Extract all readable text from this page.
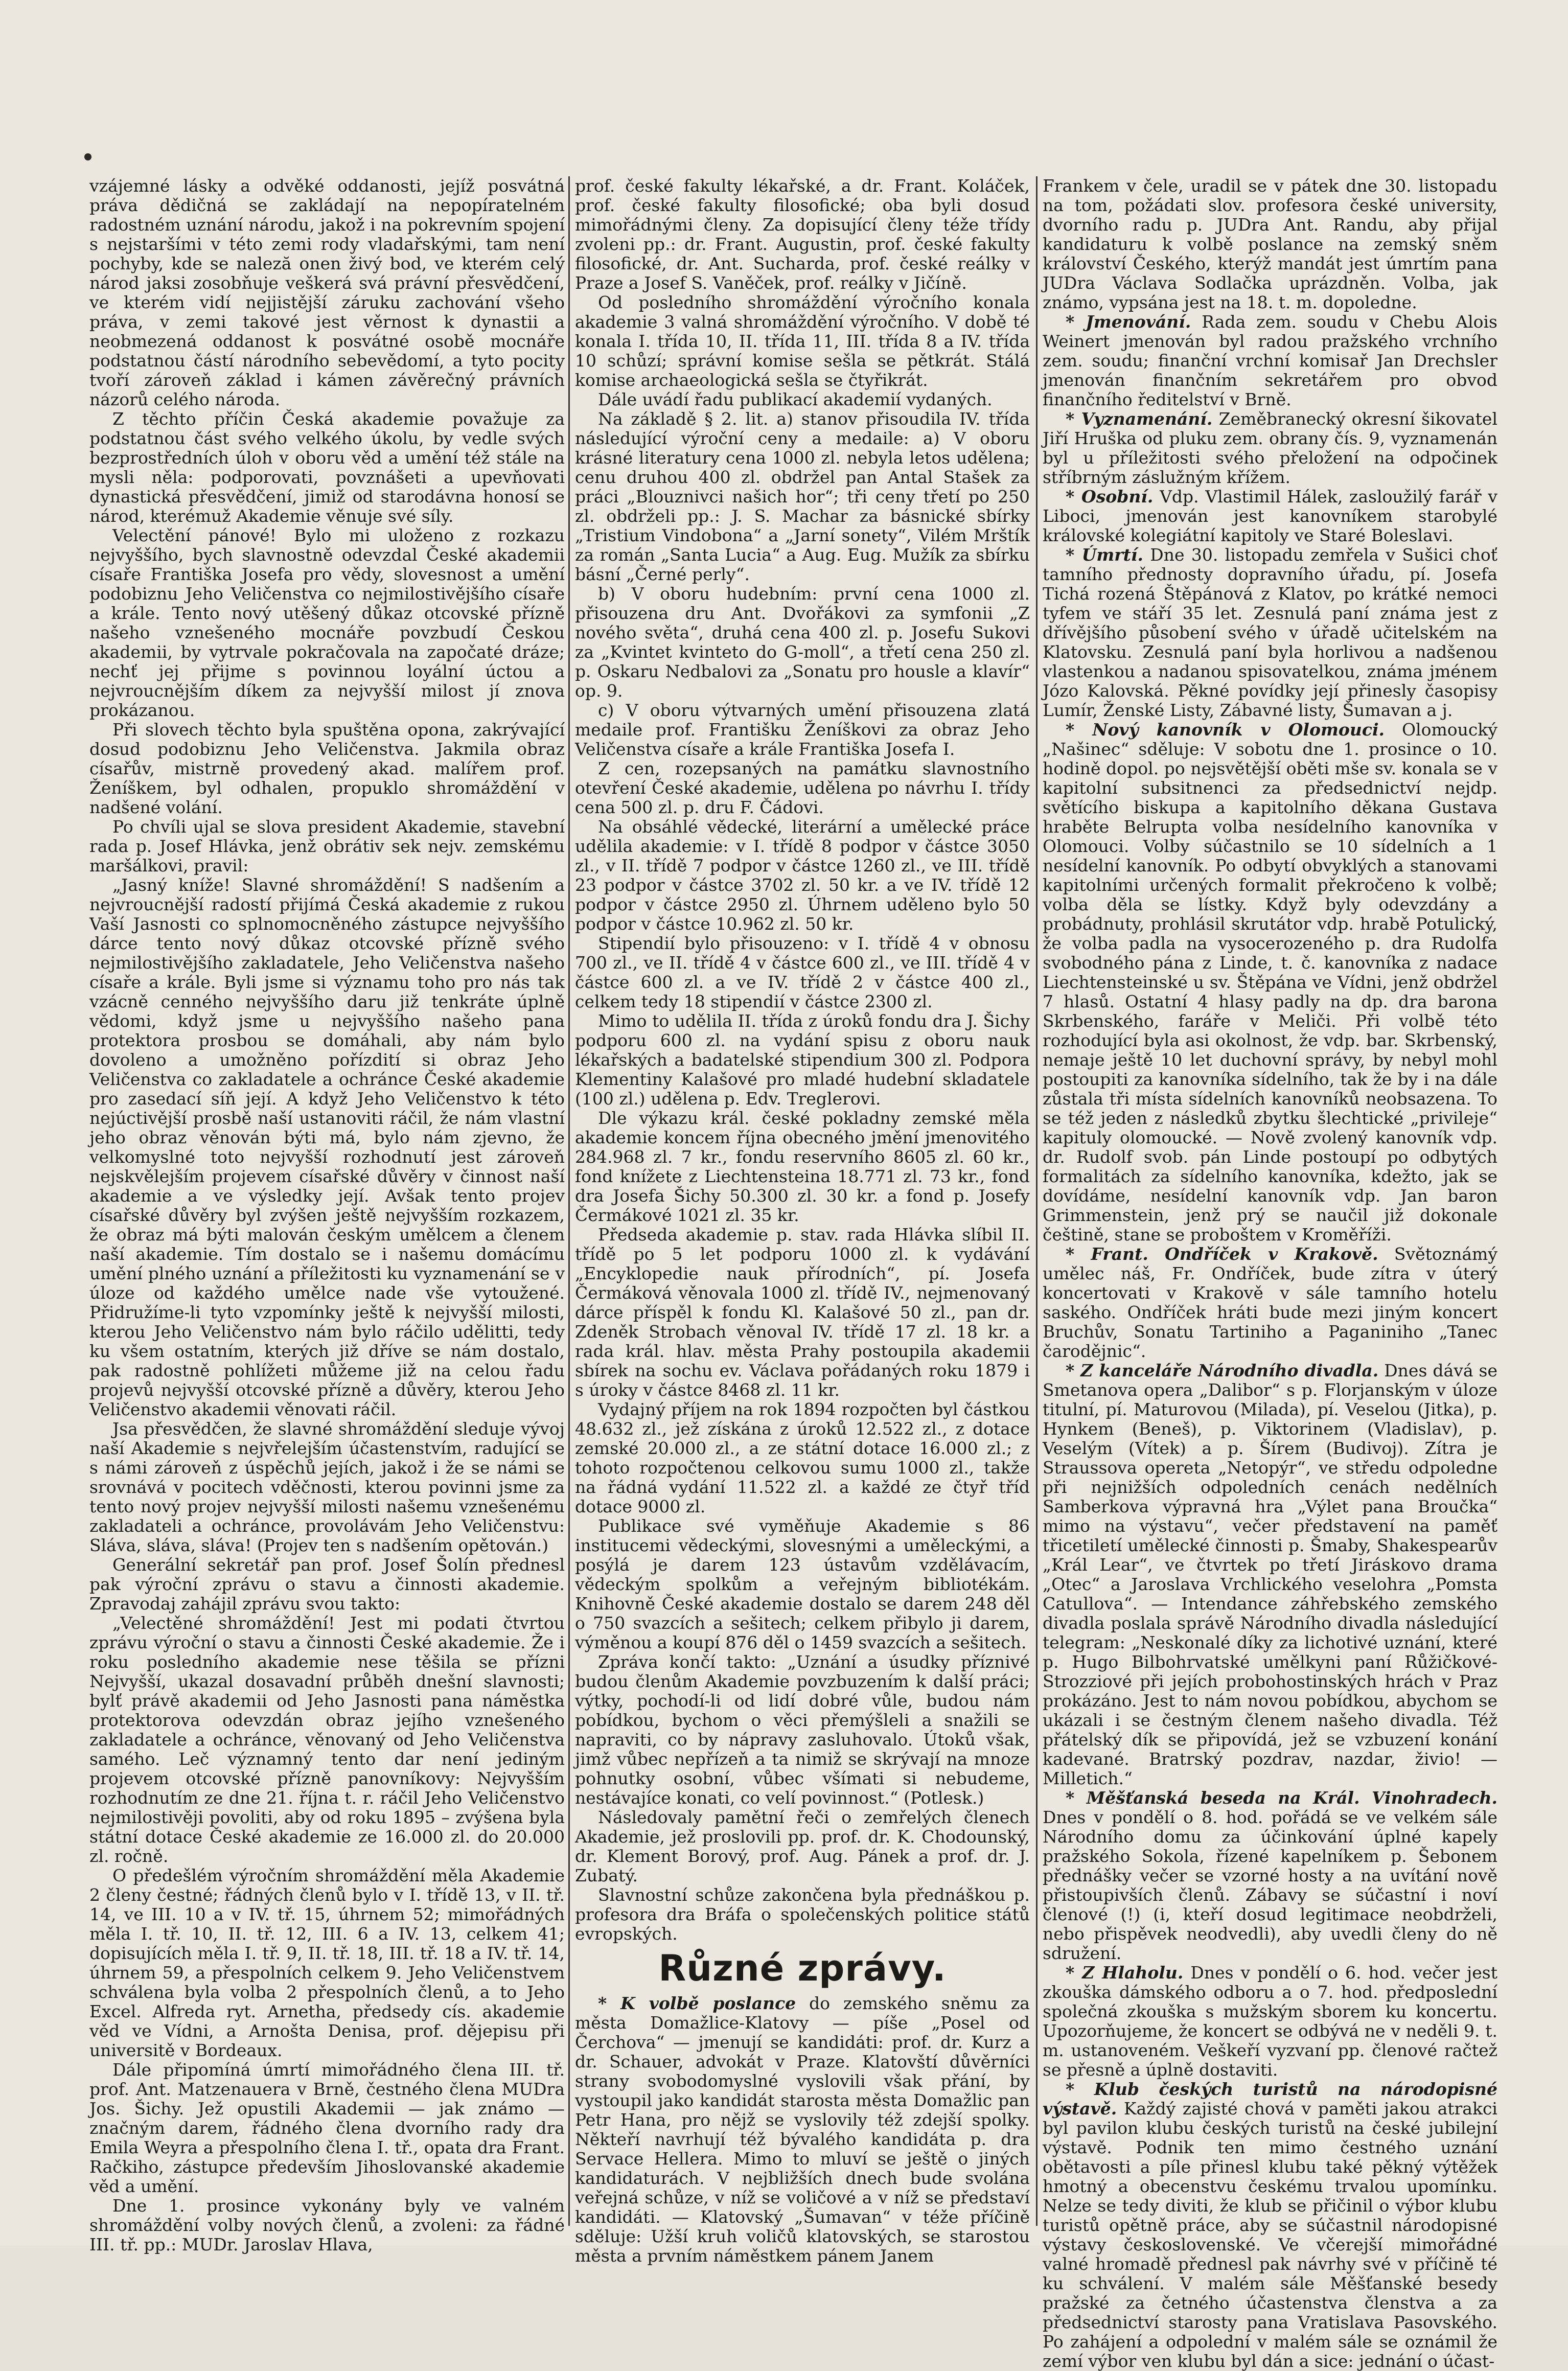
vzájemné lásky a odvěké oddanosti, jejíž posvátná práva dědičná se zakládají na nepopíratelném radostném uznání národu, jakož i na pokrevním spojení s nejstaršími v této zemi rody vladařskými, tam není pochyby, kde se naleză onen živý bod, ve kterém celý národ jaksi zosobňuje veškerá svá právní přesvědčení, ve kterém vidí nejjistější záruku zachování všeho práva, v zemi takové jest věrnost k dynastii a neobmezená oddanost k posvátné osobě mocnáře podstatnou částí národního sebevědomí, a tyto pocity tvoří zároveň základ i kámen závěrečný právních názorů celého národa.

Z těchto příčin Česká akademie považuje za podstatnou část svého velkého úkolu, by vedle svých bezprostředních úloh v oboru věd a umění též stále na mysli něla: podporovati, povznášeti a upevňovati dynastická přesvědčení, jimiž od starodávna honosí se národ, kterémuž Akademie věnuje své síly.

Velectění pánové! Bylo mi uloženo z rozkazu nejvyššího, bych slavnostně odevzdal České akademii císaře Františka Josefa pro vědy, slovesnost a umění podobiznu Jeho Veličenstva co nejmilostivějšího císaře a krále. Tento nový utěšený důkaz otcovské přízně našeho vznešeného mocnáře povzbudí Českou akademii, by vytrvale pokračovala na započaté dráze; nechť jej přijme s povinnou loyální úctou a nejvroucnějším díkem za nejvyšší milost jí znova prokázanou.

Při slovech těchto byla spuštěna opona, zakrývající dosud podobiznu Jeho Veličenstva. Jakmila obraz císařův, mistrně provedený akad. malířem prof. Ženíškem, byl odhalen, propuklo shromáždění v nadšené volání.

Po chvíli ujal se slova president Akademie, stavební rada p. Josef Hlávka, jenž obrátiv sek nejv. zemskému maršálkovi, pravil:

„Jasný kníže! Slavné shromáždění! S nadšením a nejvroucnější radostí přijímá Česká akademie z rukou Vaší Jasnosti co splnomocněného zástupce nejvyššího dárce tento nový důkaz otcovské přízně svého nejmilostivějšího zakladatele, Jeho Veličenstva našeho císaře a krále. Byli jsme si významu toho pro nás tak vzácně cenného nejvyššího daru již tenkráte úplně vědomi, když jsme u nejvyššího našeho pana protektora prosbou se domáhali, aby nám bylo dovoleno a umožněno pořízdití si obraz Jeho Veličenstva co zakladatele a ochránce České akademie pro zasedací síň její. A když Jeho Veličenstvo k této nejúctivější prosbě naší ustanoviti ráčil, že nám vlastní jeho obraz věnován býti má, bylo nám zjevno, že velkomyslné toto nejvyšší rozhodnutí jest zároveň nejskvělejším projevem císařské důvěry v činnost naší akademie a ve výsledky její. Avšak tento projev císařské důvěry byl zvýšen ještě nejvyšším rozkazem, že obraz má býti malován českým umělcem a členem naší akademie. Tím dostalo se i našemu domácímu umění plného uznání a příležitosti ku vyznamenání se v úloze od každého umělce nade vše vytoužené. Přidružíme-li tyto vzpomínky ještě k nejvyšší milosti, kterou Jeho Veličenstvo nám bylo ráčilo udělitti, tedy ku všem ostatním, kterých již dříve se nám dostalo, pak radostně pohlížeti můžeme již na celou řadu projevů nejvyšší otcovské přízně a důvěry, kterou Jeho Veličenstvo akademii věnovati ráčil.

Jsa přesvědčen, že slavné shromáždění sleduje vývoj naší Akademie s nejvřelejším účastenstvím, radující se s námi zároveň z úspěchů jejích, jakož i že se námi se srovnává v pocitech vděčnosti, kterou povinni jsme za tento nový projev nejvyšší milosti našemu vznešenému zakladateli a ochránce, provolávám Jeho Veličenstvu: Sláva, sláva, sláva! (Projev ten s nadšením opětován.)

Generální sekretář pan prof. Josef Šolín přednesl pak výroční zprávu o stavu a činnosti akademie. Zpravodaj zahájil zprávu svou takto:

„Velectěné shromáždění! Jest mi podati čtvrtou zprávu výroční o stavu a činnosti České akademie. Že i roku posledního akademie nese těšila se přízni Nejvyšší, ukazal dosavadní průběh dnešní slavnosti; bylť právě akademii od Jeho Jasnosti pana náměstka protektorova odevzdán obraz jejího vznešeného zakladatele a ochránce, věnovaný od Jeho Veličenstva samého. Leč významný tento dar není jediným projevem otcovské přízně panovníkovy: Nejvyšším rozhodnutím ze dne 21. října t. r. ráčil Jeho Veličenstvo nejmilostivěji povoliti, aby od roku 1895 – zvýšena byla státní dotace České akademie ze 16.000 zl. do 20.000 zl. ročně.

O předešlém výročním shromáždění měla Akademie 2 členy čestné; řádných členů bylo v I. třídě 13, v II. tř. 14, ve III. 10 a v IV. tř. 15, úhrnem 52; mimořádných měla I. tř. 10, II. tř. 12, III. 6 a IV. 13, celkem 41; dopisujících měla I. tř. 9, II. tř. 18, III. tř. 18 a IV. tř. 14, úhrnem 59, a přespolních celkem 9. Jeho Veličenstvem schválena byla volba 2 přespolních členů, a to Jeho Excel. Alfreda ryt. Arnetha, předsedy cís. akademie věd ve Vídni, a Arnošta Denisa, prof. dějepisu při universitě v Bordeaux.

Dále připomíná úmrtí mimořádného člena III. tř. prof. Ant. Matzenauera v Brně, čestného člena MUDra Jos. Šichy. Jež opustili Akademii — jak známo — značným darem, řádného člena dvorního rady dra Emila Weyra a přespolního člena I. tř., opata dra Frant. Račkiho, zástupce především Jihoslovanské akademie věd a umění.

Dne 1. prosince vykonány byly ve valném shromáždění volby nových členů, a zvoleni: za řádné III. tř. pp.: MUDr. Jaroslav Hlava,

prof. české fakulty lékařské, a dr. Frant. Koláček, prof. české fakulty filosofické; oba byli dosud mimořádnými členy. Za dopisující členy téže třídy zvoleni pp.: dr. Frant. Augustin, prof. české fakulty filosofické, dr. Ant. Sucharda, prof. české reálky v Praze a Josef S. Vaněček, prof. reálky v Jičíně.

Od posledního shromáždění výročního konala akademie 3 valná shromáždění výročního. V době té konala I. třída 10, II. třída 11, III. třída 8 a IV. třída 10 schůzí; správní komise sešla se pětkrát. Stálá komise archaeologická sešla se čtyřikrát.

Dále uvádí řadu publikací akademií vydaných.

Na základě § 2. lit. a) stanov přisoudila IV. třída následující výroční ceny a medaile: a) V oboru krásné literatury cena 1000 zl. nebyla letos udělena; cenu druhou 400 zl. obdržel pan Antal Stašek za práci „Blouznivci našich hor“; tři ceny třetí po 250 zl. obdrželi pp.: J. S. Machar za básnické sbírky „Tristium Vindobona“ a „Jarní sonety“, Vilém Mrštík za román „Santa Lucia“ a Aug. Eug. Mužík za sbírku básní „Černé perly“.

b) V oboru hudebním: první cena 1000 zl. přisouzena dru Ant. Dvořákovi za symfonii „Z nového světa“, druhá cena 400 zl. p. Josefu Sukovi za „Kvintet kvinteto do G-moll“, a třetí cena 250 zl. p. Oskaru Nedbalovi za „Sonatu pro housle a klavír“ op. 9.

c) V oboru výtvarných umění přisouzena zlatá medaile prof. Františku Ženíškovi za obraz Jeho Veličenstva císaře a krále Františka Josefa I.

Z cen, rozepsaných na památku slavnostního otevření České akademie, udělena po návrhu I. třídy cena 500 zl. p. dru F. Čádovi.

Na obsáhlé vědecké, literární a umělecké práce udělila akademie: v I. třídě 8 podpor v částce 3050 zl., v II. třídě 7 podpor v částce 1260 zl., ve III. třídě 23 podpor v částce 3702 zl. 50 kr. a ve IV. třídě 12 podpor v částce 2950 zl. Úhrnem uděleno bylo 50 podpor v částce 10.962 zl. 50 kr.

Stipendií bylo přisouzeno: v I. třídě 4 v obnosu 700 zl., ve II. třídě 4 v částce 600 zl., ve III. třídě 4 v částce 600 zl. a ve IV. třídě 2 v částce 400 zl., celkem tedy 18 stipendií v částce 2300 zl.

Mimo to udělila II. třída z úroků fondu dra J. Šichy podporu 600 zl. na vydání spisu z oboru nauk lékařských a badatelské stipendium 300 zl. Podpora Klementiny Kalašové pro mladé hudební skladatele (100 zl.) udělena p. Edv. Treglerovi.

Dle výkazu král. české pokladny zemské měla akademie koncem října obecného jmění jmenovitého 284.968 zl. 7 kr., fondu reservního 8605 zl. 60 kr., fond knížete z Liechtensteina 18.771 zl. 73 kr., fond dra Josefa Šichy 50.300 zl. 30 kr. a fond p. Josefy Čermákové 1021 zl. 35 kr.

Předseda akademie p. stav. rada Hlávka slíbil II. třídě po 5 let podporu 1000 zl. k vydávání „Encyklopedie nauk přírodních“, pí. Josefa Čermáková věnovala 1000 zl. třídě IV., nejmenovaný dárce příspěl k fondu Kl. Kalašové 50 zl., pan dr. Zdeněk Strobach věnoval IV. třídě 17 zl. 18 kr. a rada král. hlav. města Prahy postoupila akademii sbírek na sochu ev. Václava pořádaných roku 1879 i s úroky v částce 8468 zl. 11 kr.

Vydajný příjem na rok 1894 rozpočten byl částkou 48.632 zl., jež získána z úroků 12.522 zl., z dotace zemské 20.000 zl., a ze státní dotace 16.000 zl.; z tohoto rozpočtenou celkovou sumu 1000 zl., takže na řádná vydání 11.522 zl. a každé ze čtyř tříd dotace 9000 zl.

Publikace své vyměňuje Akademie s 86 institucemi vědeckými, slovesnými a uměleckými, a posýlá je darem 123 ústavům vzdělávacím, vědeckým spolkům a veřejným bibliotékám. Knihovně České akademie dostalo se darem 248 děl o 750 svazcích a sešitech; celkem přibylo ji darem, výměnou a koupí 876 děl o 1459 svazcích a sešitech.

Zpráva končí takto: „Uznání a úsudky příznivé budou členům Akademie povzbuzením k další práci; výtky, pochodí-li od lidí dobré vůle, budou nám pobídkou, bychom o věci přemýšleli a snažili se napraviti, co by nápravy zasluhovalo. Útoků však, jimž vůbec nepřízeň a ta nimiž se skrývají na mnoze pohnutky osobní, vůbec všímati si nebudeme, nestávajíce konati, co velí povinnost.“ (Potlesk.)

Následovaly pamětní řeči o zemřelých členech Akademie, jež proslovili pp. prof. dr. K. Chodounský, dr. Klement Borový, prof. Aug. Pánek a prof. dr. J. Zubatý.

Slavnostní schůze zakončena byla přednáškou p. profesora dra Bráfa o společenských politice států evropských.

Různé zprávy.

* K volbě poslance do zemského sněmu za města Domažlice-Klatovy — píše „Posel od Čerchova“ — jmenují se kandidáti: prof. dr. Kurz a dr. Schauer, advokát v Praze. Klatovští důvěrníci stranу svobodomyslné vyslovili však přání, by vystoupil jako kandidát starosta města Domažlic pan Petr Hana, pro nějž se vyslovily též zdejší spolky. Někteří navrhují též bývalého kandidáta p. dra Servace Hellera. Mimo to mluví se ještě o jiných kandidaturách. V nejbližších dnech bude svolána veřejná schůze, v níž se voličové a v níž se představí kandidáti. — Klatovský „Šumavan“ v téže příčině sděluje: Užší kruh voličů klatovských, se starostou města a prvním náměstkem pánem Janem

Frankem v čele, uradil se v pátek dne 30. listopadu na tom, požádati slov. profesora české university, dvorního radu p. JUDra Ant. Randu, aby přijal kandidaturu k volbě poslance na zemský sněm království Českého, kterýž mandát jest úmrtím pana JUDra Václava Sodlačka uprázdněn. Volba, jak známo, vypsána jest na 18. t. m. dopoledne.

* Jmenování. Rada zem. soudu v Chebu Alois Weinert jmenován byl radou pražského vrchního zem. soudu; finanční vrchní komisař Jan Drechsler jmenován finančním sekretářem pro obvod finančního ředitelství v Brně.

* Vyznamenání. Zeměbranecký okresní šikovatel Jiří Hruška od pluku zem. obrany čís. 9, vyznamenán byl u příležitosti svého přeložení na odpočinek stříbrným záslužným křížem.

* Osobní. Vdp. Vlastimil Hálek, zasloužilý farář v Liboci, jmenován jest kanovníkem starobylé královské kolegiátní kapitoly ve Staré Boleslavi.

* Úmrtí. Dne 30. listopadu zemřela v Sušici choť tamního přednosty dopravního úřadu, pí. Josefa Tichá rozená Štěpánová z Klatov, po krátké nemoci tyfem ve stáří 35 let. Zesnulá paní známa jest z dřívějšího působení svého v úřadě učitelském na Klatovsku. Zesnulá paní byla horlivou a nadšenou vlastenkou a nadanou spisovatelkou, známa jménem Józo Kalovská. Pěkné povídky její přinesly časopisy Lumír, Ženské Listy, Zábavné listy, Šumavan a j.

* Nový kanovník v Olomouci. Olomoucký „Našinec“ sděluje: V sobotu dne 1. prosince o 10. hodině dopol. po nejsvětější oběti mše sv. konala se v kapitolní subsitnenci za předsednictví nejdp. světícího biskupa a kapitolního děkana Gustava hraběte Belrupta volba nesídelního kanovníka v Olomouci. Volby súčastnilo se 10 sídelních a 1 nesídelní kanovník. Po odbytí obvyklých a stanovami kapitolními určených formalit překročeno k volbě; volba děla se lístky. Když byly odevzdány a probádnuty, prohlásil skrutátor vdp. hrabě Potulický, že volba padla na vysocerozeného p. dra Rudolfa svobodného pána z Linde, t. č. kanovníka z nadace Liechtensteinské u sv. Štěpána ve Vídni, jenž obdržel 7 hlasů. Ostatní 4 hlasy padly na dp. dra barona Skrbenského, faráře v Meliči. Při volbě této rozhodující byla asi okolnost, že vdp. bar. Skrbenský, nemaje ještě 10 let duchovní správy, by nebyl mohl postoupiti za kanovníka sídelního, tak že by i na dále zůstala tři místa sídelních kanovníků neobsazena. To se též jeden z následků zbytku šlechtické „privileje“ kapituly olomoucké. — Nově zvolený kanovník vdp. dr. Rudolf svob. pán Linde postoupí po odbytých formalitách za sídelního kanovníka, kdežto, jak se dovídáme, nesídelní kanovník vdp. Jan baron Grimmenstein, jenž prý se naučil již dokonale češtině, stane se proboštem v Kroměříži.

* Frant. Ondříček v Krakově. Světoznámý umělec náš, Fr. Ondříček, bude zítra v úterý koncertovati v Krakově v sále tamního hotelu saského. Ondříček hráti bude mezi jiným koncert Bruchův, Sonatu Tartiniho a Paganiniho „Tanec čarodějnic“.

* Z kanceláře Národního divadla. Dnes dává se Smetanova opera „Dalibor“ s p. Florjanským v úloze titulní, pí. Maturovou (Milada), pí. Veselou (Jitka), p. Hynkem (Beneš), p. Viktorinem (Vladislav), p. Veselým (Vítek) a p. Šírem (Budivoj). Zítra je Straussova opereta „Netopýr“, ve středu odpoledne při nejnižších odpoledních cenách nedělních Samberkova výpravná hra „Výlet pana Broučka“ mimo na výstavu“, večer představení na paměť třicetiletí umělecké činnosti p. Šmaby, Shakespearův „Král Lear“, ve čtvrtek po třetí Jiráskovo drama „Otec“ a Jaroslava Vrchlického veselohra „Pomsta Catullova“. — Intendance záhřebského zemského divadla poslala správě Národního divadla následující telegram: „Neskonalé díky za lichotivé uznání, které p. Hugo Bilbohrvatské umělkyni paní Růžičkové-Strozziové při jejích probohostinských hrách v Praz prokázáno. Jest to nám novou pobídkou, abychom se ukázali i se čestným členem našeho divadla. Též přátelský dík se připovídá, jež se vzbuzení konání kadevané. Bratrský pozdrav, nazdar, živio! — Milletich.“

* Měšťanská beseda na Král. Vinohradech. Dnes v pondělí o 8. hod. pořádá se ve velkém sále Národního domu za účinkování úplné kapely pražského Sokola, řízené kapelníkem p. Šebonem přednášky večer se vzorné hosty a na uvítání nově přistoupivších členů. Zábavy se súčastní i noví členové (!) (i, kteří dosud legitimace neobdrželi, nebo přispěvek neodvedli), aby uvedli členy do ně sdružení.

* Z Hlaholu. Dnes v pondělí o 6. hod. večer jest zkouška dámského odboru a o 7. hod. předposlední společná zkouška s mužským sborem ku koncertu. Upozorňujeme, že koncert se odbývá ne v neděli 9. t. m. ustanoveném. Veškeří vyzvaní pp. členové račtež se přesně a úplně dostaviti.

* Klub českých turistů na národopisné výstavě. Každý zajisté chová v paměti jakou atrakci byl pavilon klubu českých turistů na české jubilejní výstavě. Podnik ten mimo čestného uznání obětavosti a píle přinesl klubu také pěkný výtěžek hmotný a obecenstvu českému trvalou upomínku. Nelze se tedy diviti, že klub se přičinil o výbor klubu turistů opětně práce, aby se súčastnil národopisné výstavy československé. Ve včerejší mimořádné valné hromadě přednesl pak návrhy své v příčině té ku schválení. V malém sále Měšťanské besedy pražské za četného účastenstva členstva a za předsednictví starosty pana Vratislava Pasovského. Po zahájení a odpolední v malém sále se oznámil že zemí výbor ven klubu byl dán a sice: jednání o účast-
